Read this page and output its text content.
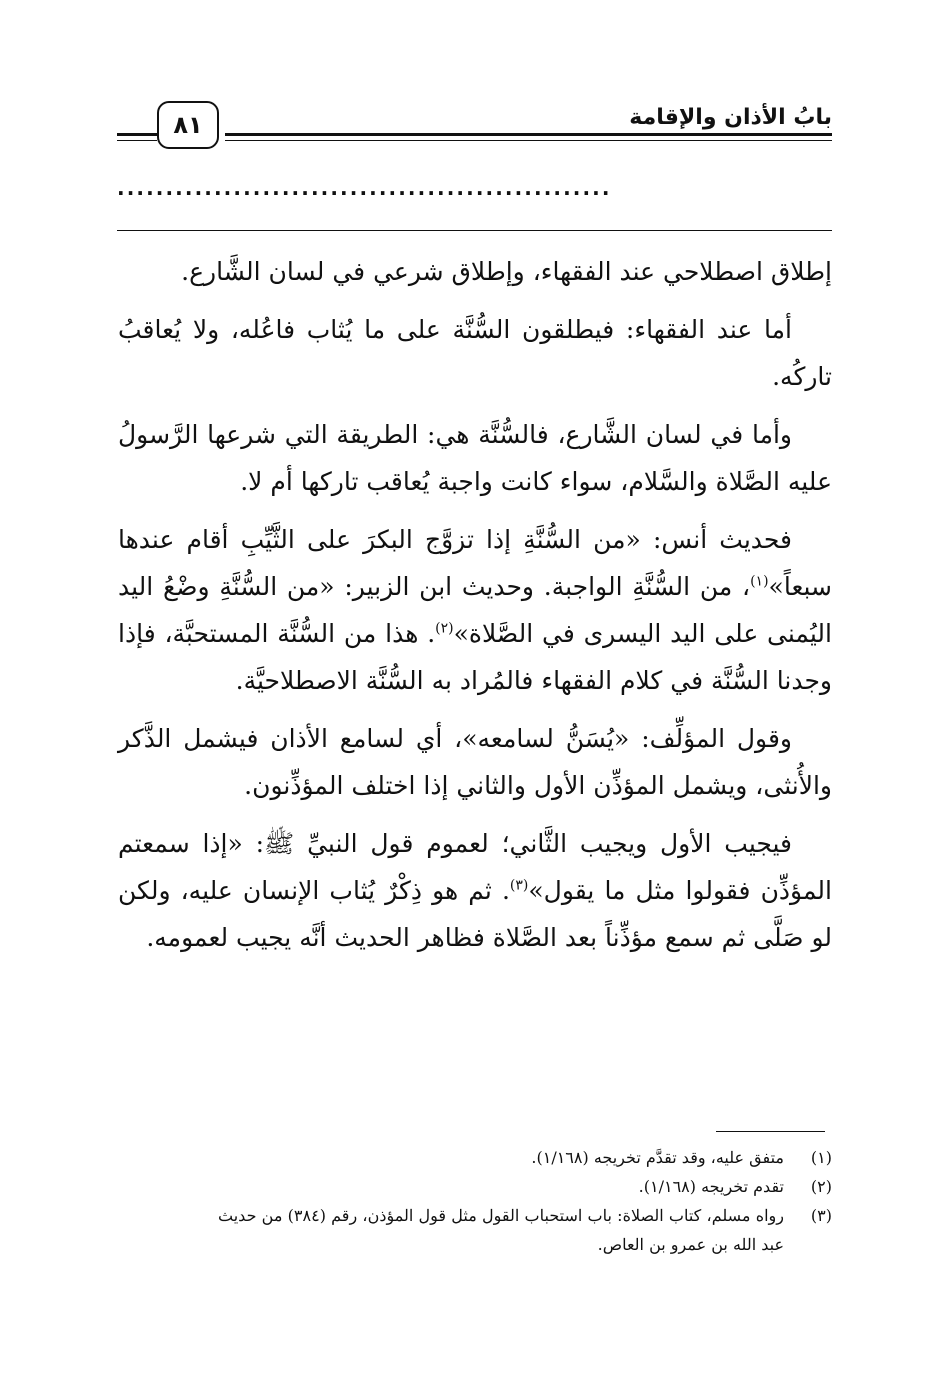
بابُ الأذان والإقامة
٨١
...................................................

إطلاق اصطلاحي عند الفقهاء، وإطلاق شرعي في لسان الشَّارع.

أما عند الفقهاء: فيطلقون السُّنَّة على ما يُثاب فاعُله، ولا يُعاقبُ تاركُه.

وأما في لسان الشَّارع، فالسُّنَّة هي: الطريقة التي شرعها الرَّسولُ عليه الصَّلاة والسَّلام، سواء كانت واجبة يُعاقب تاركها أم لا.

فحديث أنس: «من السُّنَّةِ إذا تزوَّج البكرَ على الثَّيِّبِ أقام عندها سبعاً»$^{(١)}$، من السُّنَّةِ الواجبة. وحديث ابن الزبير: «من السُّنَّةِ وضْعُ اليد اليُمنى على اليد اليسرى في الصَّلاة»$^{(٢)}$. هذا من السُّنَّة المستحبَّة، فإذا وجدنا السُّنَّة في كلام الفقهاء فالمُراد به السُّنَّة الاصطلاحيَّة.

وقول المؤلِّف: «يُسَنُّ لسامعه»، أي لسامع الأذان فيشمل الذَّكر والأُنثى، ويشمل المؤذِّن الأول والثاني إذا اختلف المؤذِّنون.

فيجيب الأول ويجيب الثَّاني؛ لعموم قول النبيِّ ﷺ: «إذا سمعتم المؤذِّن فقولوا مثل ما يقول»$^{(٣)}$. ثم هو ذِكْرٌ يُثاب الإنسان عليه، ولكن لو صَلَّى ثم سمع مؤذِّناً بعد الصَّلاة فظاهر الحديث أنَّه يجيب لعمومه.

(١)
متفق عليه، وقد تقدَّم تخريجه (١/١٦٨).
(٢)
تقدم تخريجه (١/١٦٨).
(٣)
رواه مسلم، كتاب الصلاة: باب استحباب القول مثل قول المؤذن، رقم (٣٨٤) من حديث عبد الله بن عمرو بن العاص.
